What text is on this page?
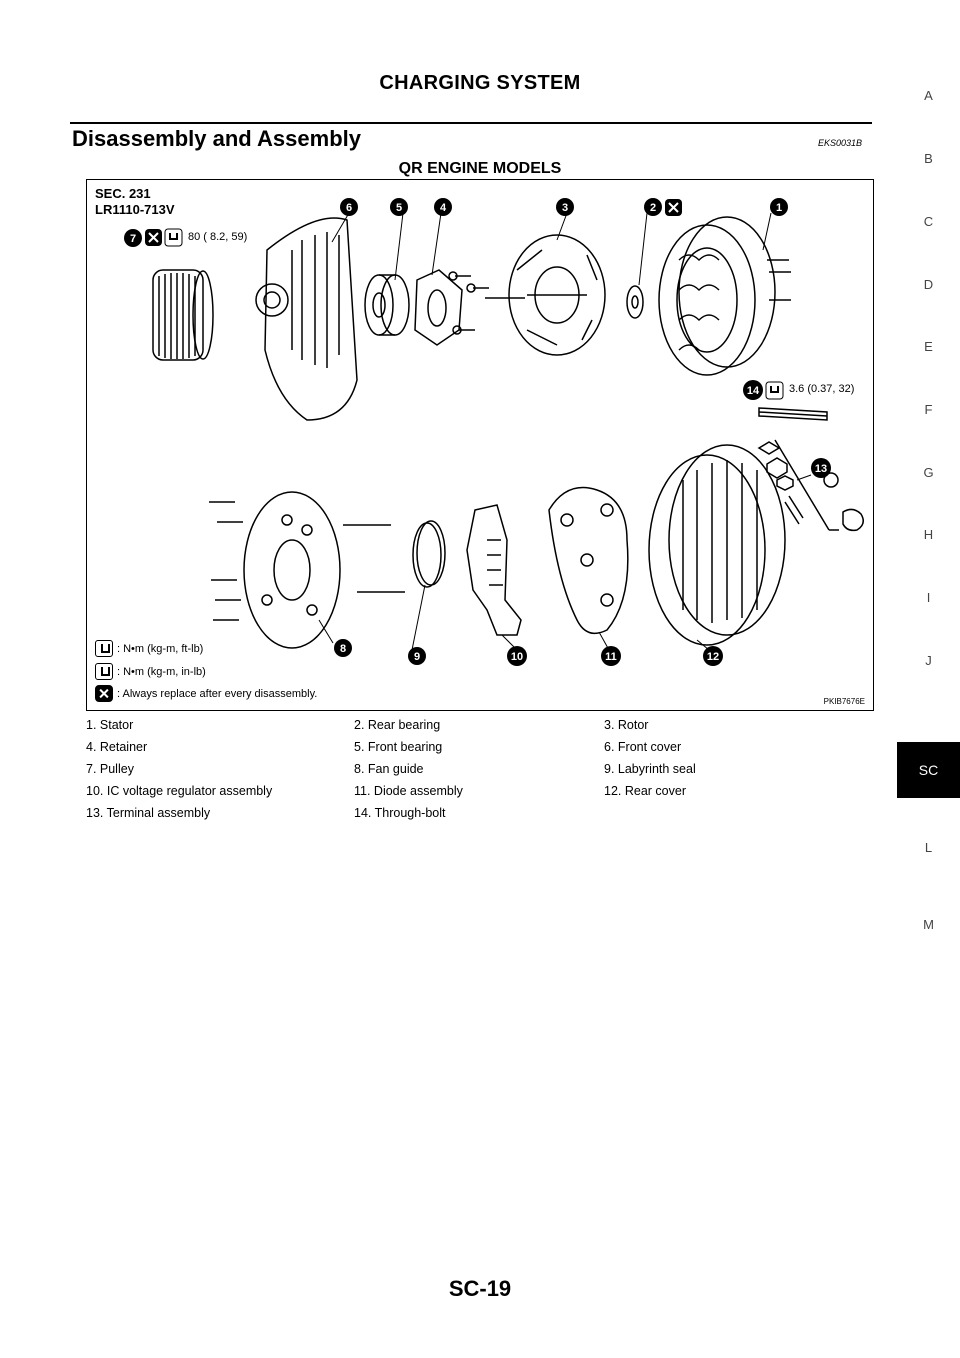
CHARGING SYSTEM
Disassembly and Assembly	EKS0031B
QR ENGINE MODELS
1
2
3
4
5
6
7
8
9	10	11	12
13
14
SEC. 231
LR1110-713V
80 ( 8.2, 59)
3.6 (0.37, 32)
: N•m (kg-m, ft-lb)
: N•m (kg-m, in-lb)
: Always replace after every disassembly.
PKIB7676E
1. Stator	2. Rear bearing	3. Rotor
4. Retainer	5. Front bearing	6. Front cover
7. Pulley	8. Fan guide	9. Labyrinth seal
10. IC voltage regulator assembly	11. Diode assembly	12. Rear cover
13. Terminal assembly	14. Through-bolt
A
B
C
D
E
F
G
H
I
J
SC
L
M
SC-19
